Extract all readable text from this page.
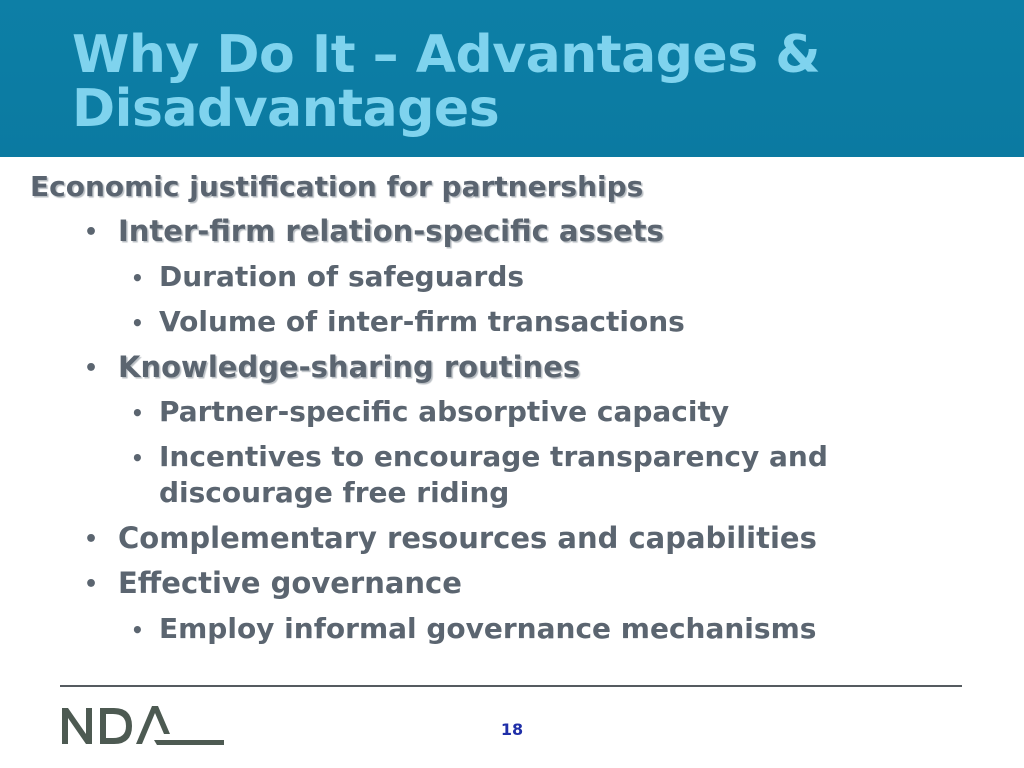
Why Do It – Advantages & Disadvantages
Economic justification for partnerships
• Inter-firm relation-specific assets
• Duration of safeguards
• Volume of inter-firm transactions
• Knowledge-sharing routines
• Partner-specific absorptive capacity
• Incentives to encourage transparency and
discourage free riding
• Complementary resources and capabilities
• Effective governance
• Employ informal governance mechanisms
18
